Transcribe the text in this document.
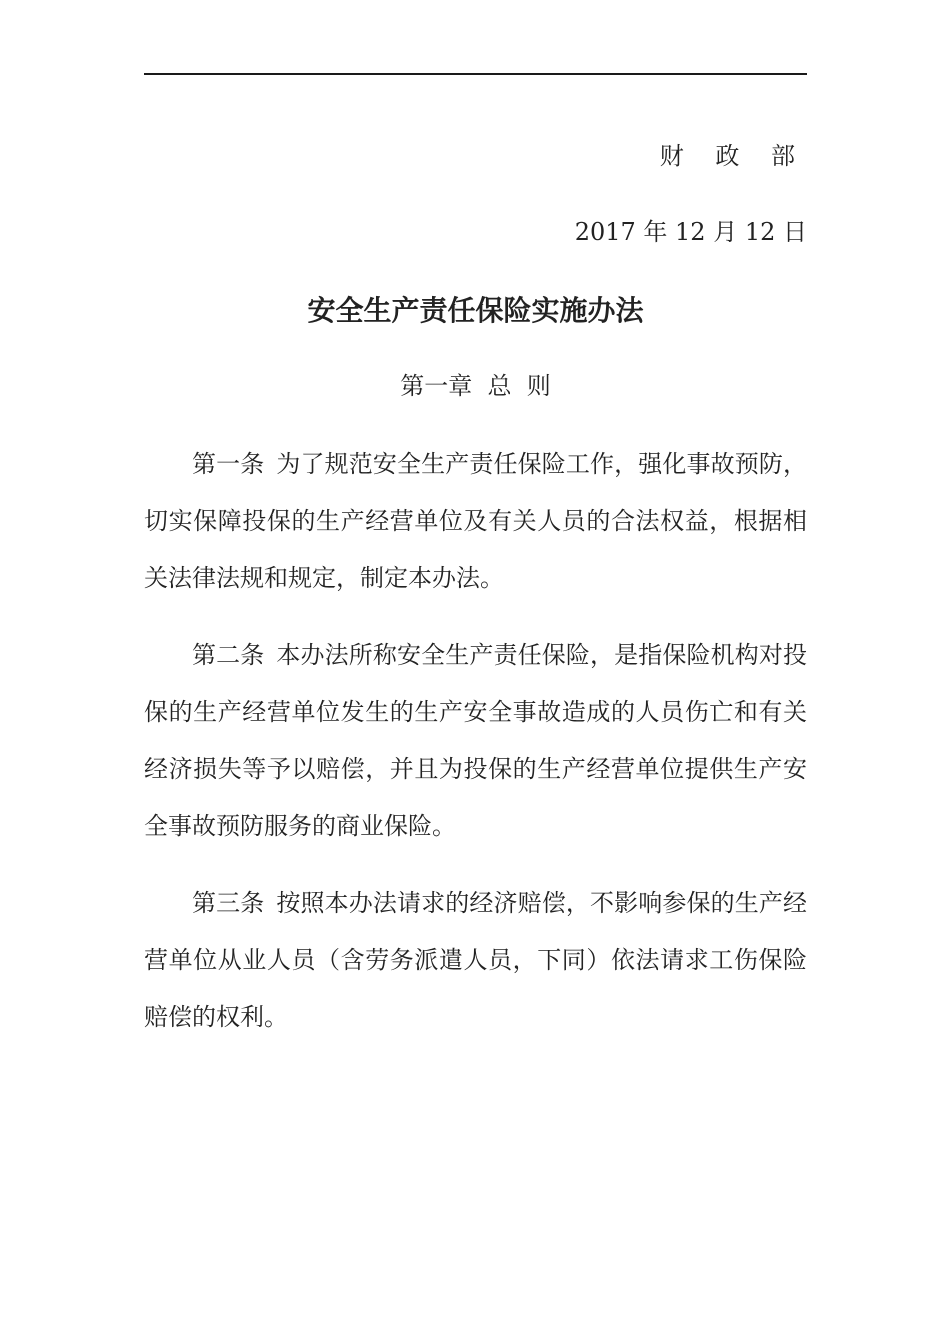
财 政 部
2017 年 12 月 12 日
安全生产责任保险实施办法
第一章  总  则

第一条 为了规范安全生产责任保险工作，强化事故预防，切实保障投保的生产经营单位及有关人员的合法权益，根据相关法律法规和规定，制定本办法。

第二条 本办法所称安全生产责任保险，是指保险机构对投保的生产经营单位发生的生产安全事故造成的人员伤亡和有关经济损失等予以赔偿，并且为投保的生产经营单位提供生产安全事故预防服务的商业保险。

第三条 按照本办法请求的经济赔偿，不影响参保的生产经营单位从业人员（含劳务派遣人员，下同）依法请求工伤保险赔偿的权利。
